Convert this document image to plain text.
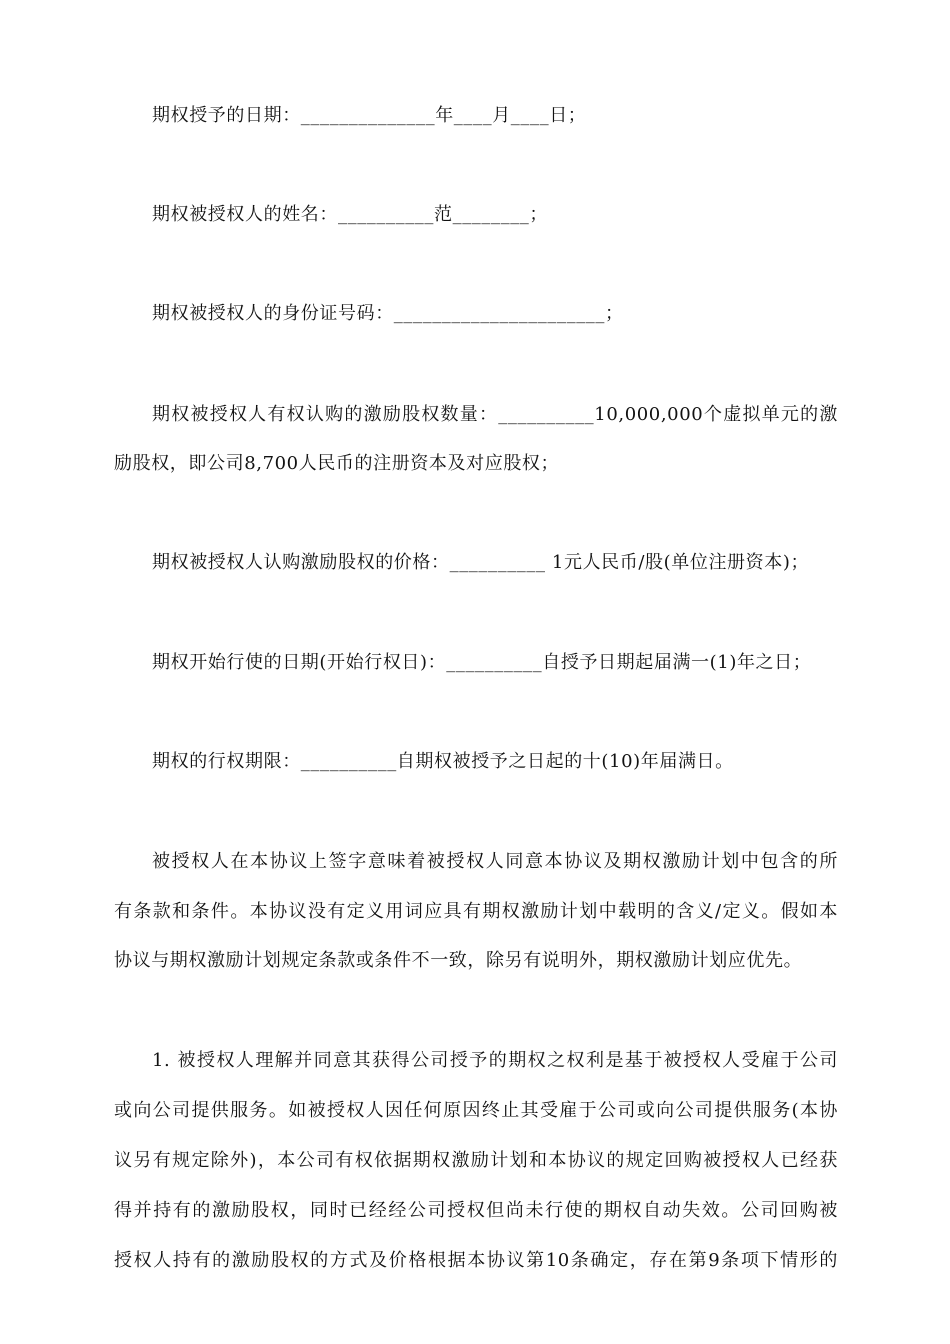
期权授予的日期：______________年____月____日；
期权被授权人的姓名：__________范________；
期权被授权人的身份证号码：______________________；
期权被授权人有权认购的激励股权数量：__________10,000,000个虚拟单元的激
励股权，即公司8,700人民币的注册资本及对应股权；
期权被授权人认购激励股权的价格：__________ 1元人民币/股(单位注册资本)；
期权开始行使的日期(开始行权日)：__________自授予日期起届满一(1)年之日；
期权的行权期限：__________自期权被授予之日起的十(10)年届满日。
被授权人在本协议上签字意味着被授权人同意本协议及期权激励计划中包含的所
有条款和条件。本协议没有定义用词应具有期权激励计划中载明的含义/定义。假如本
协议与期权激励计划规定条款或条件不一致，除另有说明外，期权激励计划应优先。
1. 被授权人理解并同意其获得公司授予的期权之权利是基于被授权人受雇于公司
或向公司提供服务。如被授权人因任何原因终止其受雇于公司或向公司提供服务(本协
议另有规定除外)，本公司有权依据期权激励计划和本协议的规定回购被授权人已经获
得并持有的激励股权，同时已经经公司授权但尚未行使的期权自动失效。公司回购被
授权人持有的激励股权的方式及价格根据本协议第10条确定，存在第9条项下情形的
